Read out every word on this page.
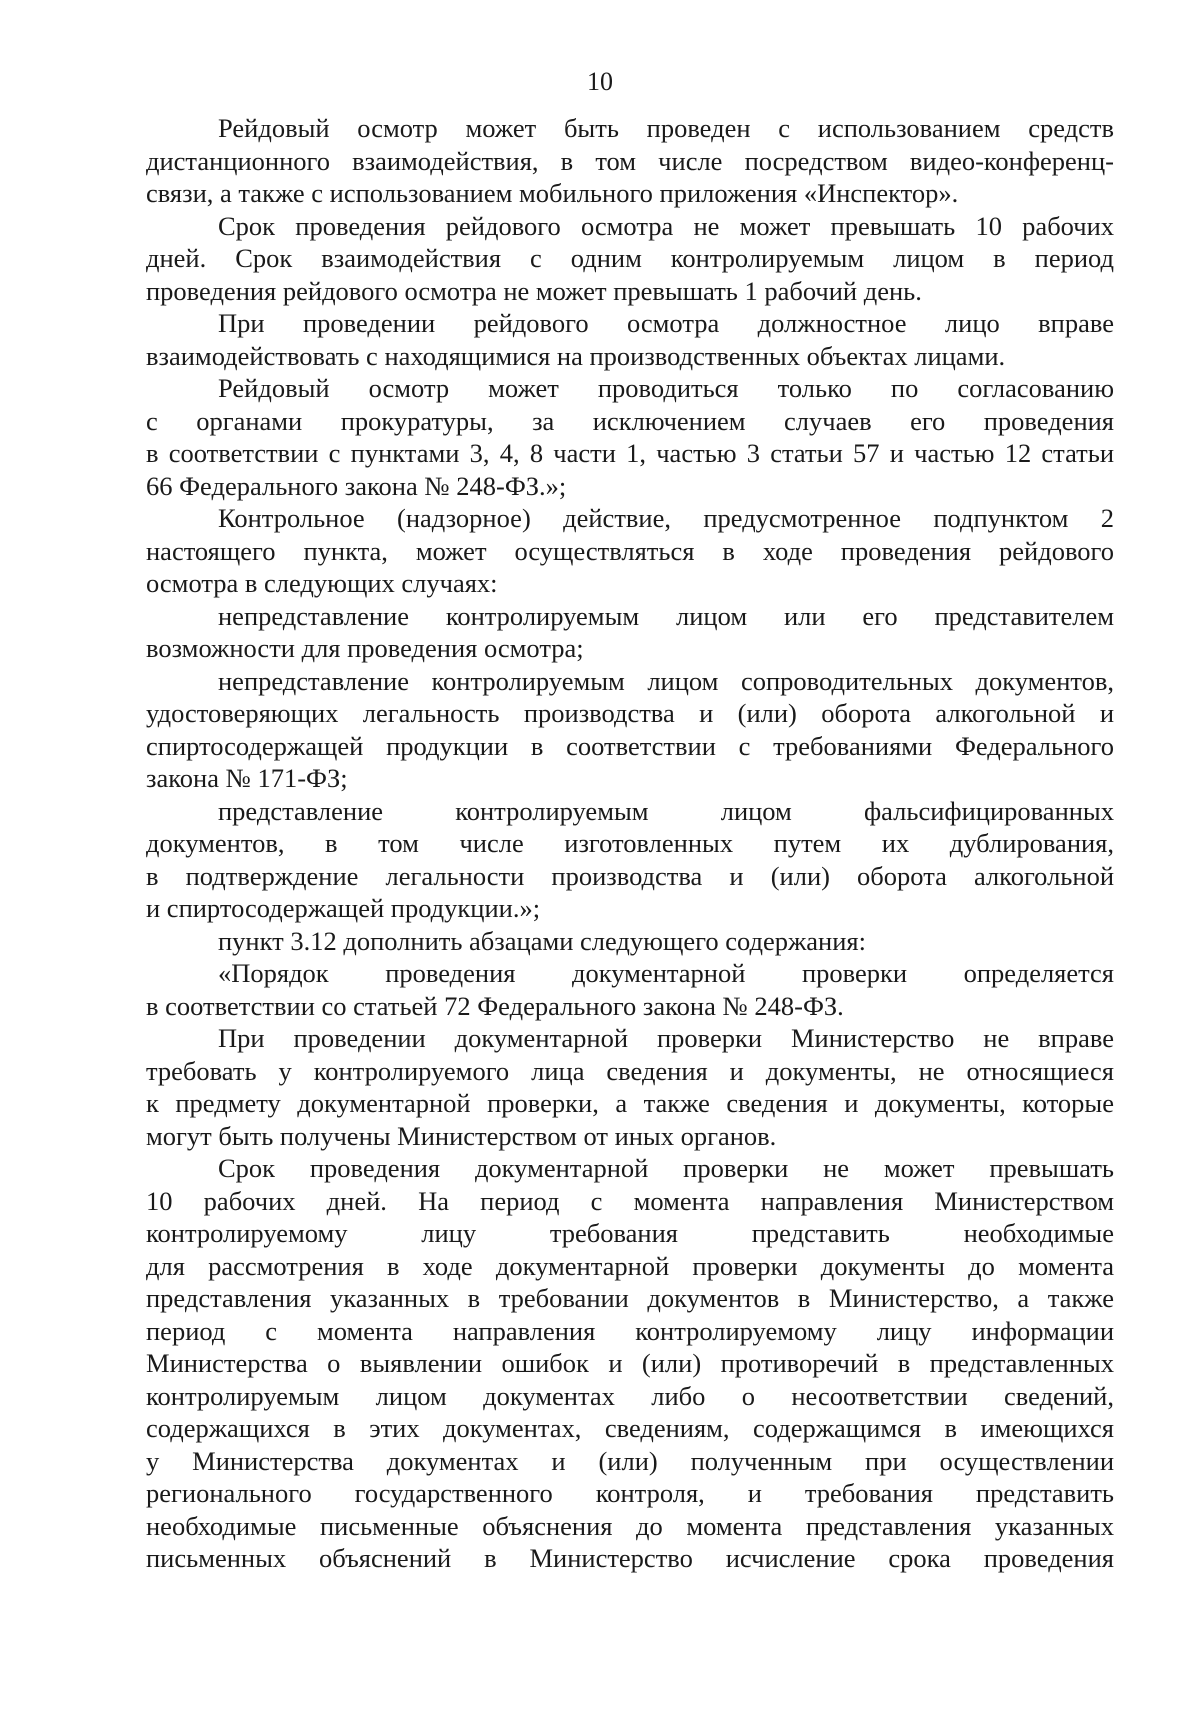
10
Рейдовый осмотр может быть проведен с использованием средств
дистанционного взаимодействия, в том числе посредством видео-конференц-
связи, а также с использованием мобильного приложения «Инспектор».
Срок проведения рейдового осмотра не может превышать 10 рабочих
дней. Срок взаимодействия с одним контролируемым лицом в период
проведения рейдового осмотра не может превышать 1 рабочий день.
При проведении рейдового осмотра должностное лицо вправе
взаимодействовать с находящимися на производственных объектах лицами.
Рейдовый осмотр может проводиться только по согласованию
с органами прокуратуры, за исключением случаев его проведения
в соответствии с пунктами 3, 4, 8 части 1, частью 3 статьи 57 и частью 12 статьи
66 Федерального закона № 248-ФЗ.»;
Контрольное (надзорное) действие, предусмотренное подпунктом 2
настоящего пункта, может осуществляться в ходе проведения рейдового
осмотра в следующих случаях:
непредставление контролируемым лицом или его представителем
возможности для проведения осмотра;
непредставление контролируемым лицом сопроводительных документов,
удостоверяющих легальность производства и (или) оборота алкогольной и
спиртосодержащей продукции в соответствии с требованиями Федерального
закона № 171-ФЗ;
представление контролируемым лицом фальсифицированных
документов, в том числе изготовленных путем их дублирования,
в подтверждение легальности производства и (или) оборота алкогольной
и спиртосодержащей продукции.»;
пункт 3.12 дополнить абзацами следующего содержания:
«Порядок проведения документарной проверки определяется
в соответствии со статьей 72 Федерального закона № 248-ФЗ.
При проведении документарной проверки Министерство не вправе
требовать у контролируемого лица сведения и документы, не относящиеся
к предмету документарной проверки, а также сведения и документы, которые
могут быть получены Министерством от иных органов.
Срок проведения документарной проверки не может превышать
10 рабочих дней. На период с момента направления Министерством
контролируемому лицу требования представить необходимые
для рассмотрения в ходе документарной проверки документы до момента
представления указанных в требовании документов в Министерство, а также
период с момента направления контролируемому лицу информации
Министерства о выявлении ошибок и (или) противоречий в представленных
контролируемым лицом документах либо о несоответствии сведений,
содержащихся в этих документах, сведениям, содержащимся в имеющихся
у Министерства документах и (или) полученным при осуществлении
регионального государственного контроля, и требования представить
необходимые письменные объяснения до момента представления указанных
письменных объяснений в Министерство исчисление срока проведения
